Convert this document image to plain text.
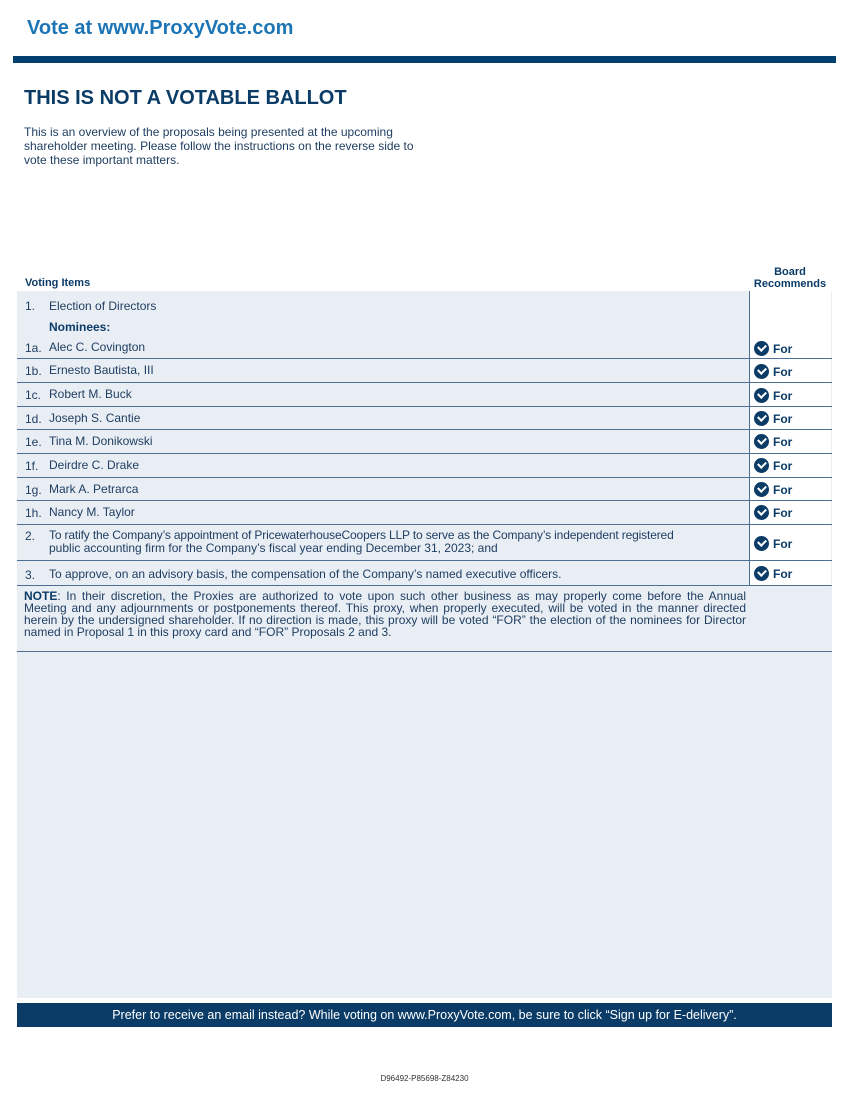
Vote at www.ProxyVote.com
THIS IS NOT A VOTABLE BALLOT
This is an overview of the proposals being presented at the upcoming shareholder meeting. Please follow the instructions on the reverse side to vote these important matters.
Voting Items
Board
Recommends
1. Election of Directors
Nominees:
1a. Alec C. Covington	For
1b. Ernesto Bautista, III	For
1c. Robert M. Buck	For
1d. Joseph S. Cantie	For
1e. Tina M. Donikowski	For
1f. Deirdre C. Drake	For
1g. Mark A. Petrarca	For
1h. Nancy M. Taylor	For
2. To ratify the Company’s appointment of PricewaterhouseCoopers LLP to serve as the Company’s independent registered
public accounting firm for the Company’s fiscal year ending December 31, 2023; and	For
3. To approve, on an advisory basis, the compensation of the Company’s named executive officers.	For
NOTE: In their discretion, the Proxies are authorized to vote upon such other business as may properly come before the Annual Meeting and any adjournments or postponements thereof. This proxy, when properly executed, will be voted in the manner directed herein by the undersigned shareholder. If no direction is made, this proxy will be voted “FOR” the election of the nominees for Director named in Proposal 1 in this proxy card and “FOR” Proposals 2 and 3.
Prefer to receive an email instead? While voting on www.ProxyVote.com, be sure to click “Sign up for E-delivery”.
D96492-P85698-Z84230
